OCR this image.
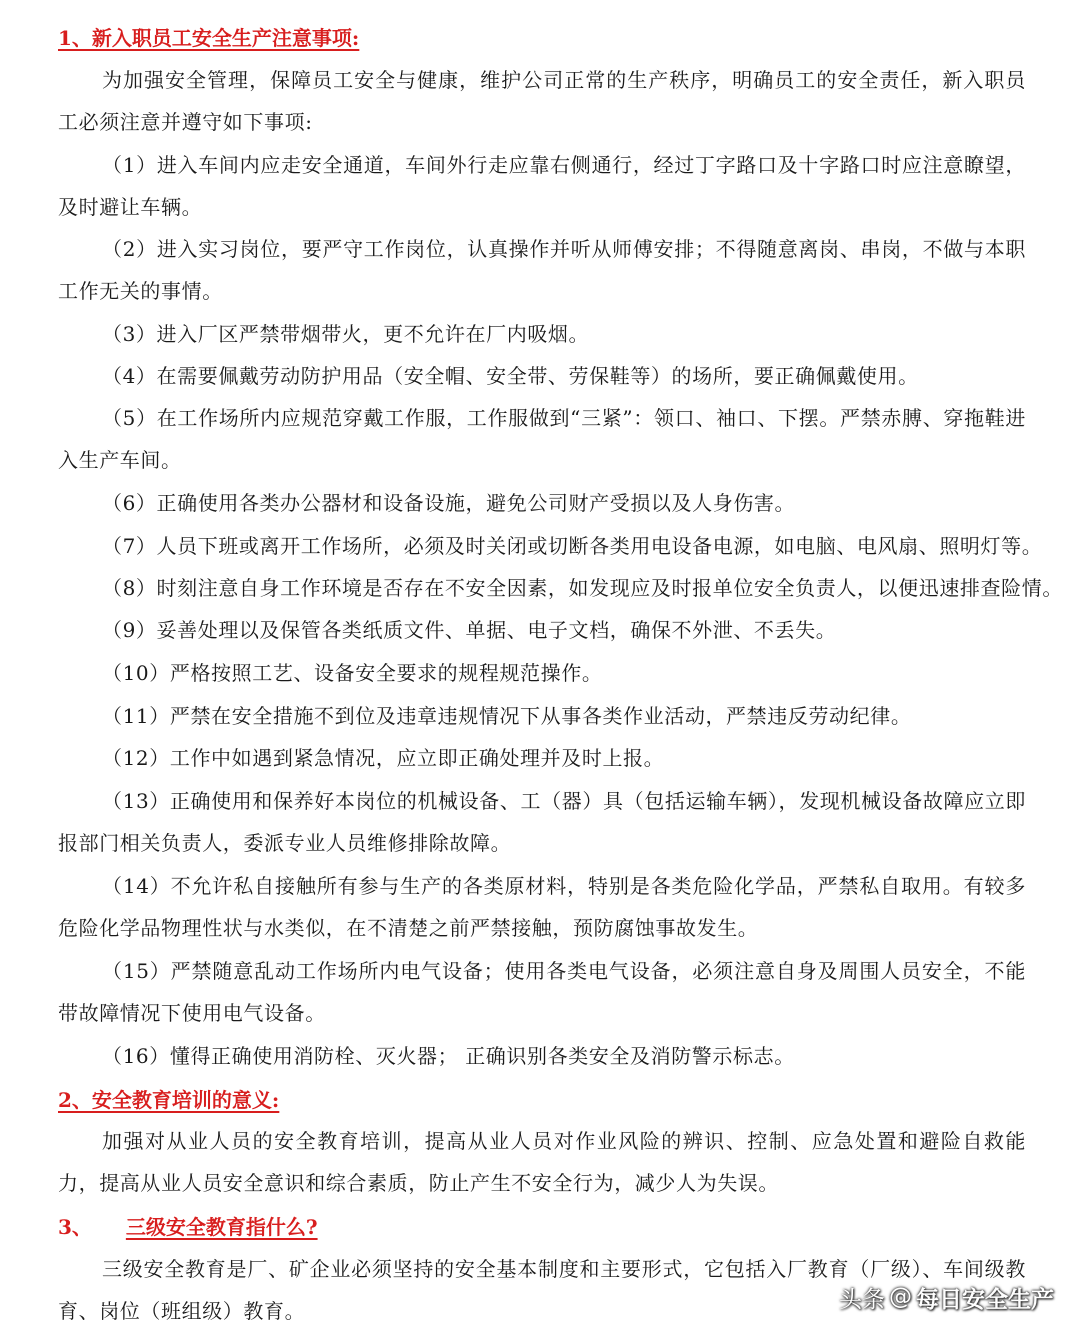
1、新入职员工安全生产注意事项:

为加强安全管理，保障员工安全与健康，维护公司正常的生产秩序，明确员工的安全责任，新入职员工必须注意并遵守如下事项:

（1）进入车间内应走安全通道，车间外行走应靠右侧通行，经过丁字路口及十字路口时应注意瞭望，及时避让车辆。

（2）进入实习岗位，要严守工作岗位，认真操作并听从师傅安排；不得随意离岗、串岗，不做与本职工作无关的事情。

（3）进入厂区严禁带烟带火，更不允许在厂内吸烟。

（4）在需要佩戴劳动防护用品（安全帽、安全带、劳保鞋等）的场所，要正确佩戴使用。

（5）在工作场所内应规范穿戴工作服，工作服做到“三紧”：领口、袖口、下摆。严禁赤膊、穿拖鞋进入生产车间。

（6）正确使用各类办公器材和设备设施，避免公司财产受损以及人身伤害。

（7）人员下班或离开工作场所，必须及时关闭或切断各类用电设备电源，如电脑、电风扇、照明灯等。

（8）时刻注意自身工作环境是否存在不安全因素，如发现应及时报单位安全负责人，以便迅速排查险情。

（9）妥善处理以及保管各类纸质文件、单据、电子文档，确保不外泄、不丢失。

（10）严格按照工艺、设备安全要求的规程规范操作。

（11）严禁在安全措施不到位及违章违规情况下从事各类作业活动，严禁违反劳动纪律。

（12）工作中如遇到紧急情况，应立即正确处理并及时上报。

（13）正确使用和保养好本岗位的机械设备、工（器）具（包括运输车辆），发现机械设备故障应立即报部门相关负责人，委派专业人员维修排除故障。

（14）不允许私自接触所有参与生产的各类原材料，特别是各类危险化学品，严禁私自取用。有较多危险化学品物理性状与水类似，在不清楚之前严禁接触，预防腐蚀事故发生。

（15）严禁随意乱动工作场所内电气设备；使用各类电气设备，必须注意自身及周围人员安全，不能带故障情况下使用电气设备。

（16）懂得正确使用消防栓、灭火器； 正确识别各类安全及消防警示标志。

2、安全教育培训的意义:

加强对从业人员的安全教育培训，提高从业人员对作业风险的辨识、控制、应急处置和避险自救能力，提高从业人员安全意识和综合素质，防止产生不安全行为，减少人为失误。

3、 三级安全教育指什么?

三级安全教育是厂、矿企业必须坚持的安全基本制度和主要形式，它包括入厂教育（厂级）、车间级教育、岗位（班组级）教育。	头条 @ 每日安全生产
